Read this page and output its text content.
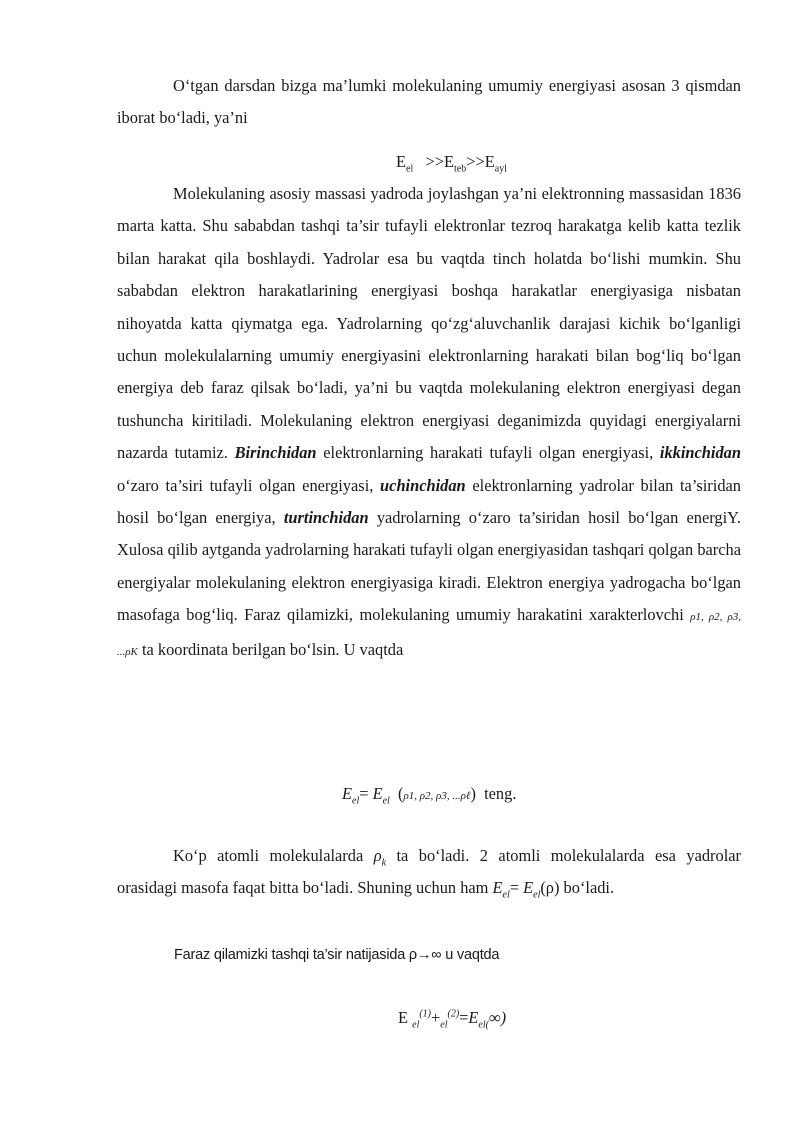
O‘tgan darsdan bizga ma’lumki molekulaning umumiy energiyasi asosan 3 qismdan iborat bo‘ladi, ya’ni

$E_{el} >>E_{teb}>>E_{ayl}$

Molekulaning asosiy massasi yadroda joylashgan ya’ni elektronning massasidan 1836 marta katta. Shu sababdan tashqi ta’sir tufayli elektronlar tezroq harakatga kelib katta tezlik bilan harakat qila boshlaydi. Yadrolar esa bu vaqtda tinch holatda bo‘lishi mumkin. Shu sababdan elektron harakatlarining energiyasi boshqa harakatlar energiyasiga nisbatan nihoyatda katta qiymatga ega. Yadrolarning qo‘zg‘aluvchanlik darajasi kichik bo‘lganligi uchun molekulalarning umumiy energiyasini elektronlarning harakati bilan bog‘liq bo‘lgan energiya deb faraz qilsak bo‘ladi, ya’ni bu vaqtda molekulaning elektron energiyasi degan tushuncha kiritiladi. Molekulaning elektron energiyasi deganimizda quyidagi energiyalarni nazarda tutamiz. Birinchidan elektronlarning harakati tufayli olgan energiyasi, ikkinchidan o‘zaro ta’siri tufayli olgan energiyasi, uchinchidan elektronlarning yadrolar bilan ta’siridan hosil bo‘lgan energiya, turtinchidan yadrolarning o‘zaro ta’siridan hosil bo‘lgan energiY. Xulosa qilib aytganda yadrolarning harakati tufayli olgan energiyasidan tashqari qolgan barcha energiyalar molekulaning elektron energiyasiga kiradi. Elektron energiya yadrogacha bo‘lgan masofaga bog‘liq. Faraz qilamizki, molekulaning umumiy harakatini xarakterlovchi ρ1, ρ2, ρ3, ...ρK ta koordinata berilgan bo‘lsin. U vaqtda

$E_{el}= E_{el}$ (ρ1, ρ2, ρ3, ...ρℓ)  teng.

Ko‘p atomli molekulalarda $\rho_k$ ta bo‘ladi. 2 atomli molekulalarda esa yadrolar orasidagi masofa faqat bitta bo‘ladi. Shuning uchun ham $E_{el}= E_{el}(\rho)$ bo‘ladi.

Faraz qilamizki tashqi ta’sir natijasida ρ→∞ u vaqtda

E $_{el}^{(1)}+_{el}^{(2)}=E_{el(}\infty$)
